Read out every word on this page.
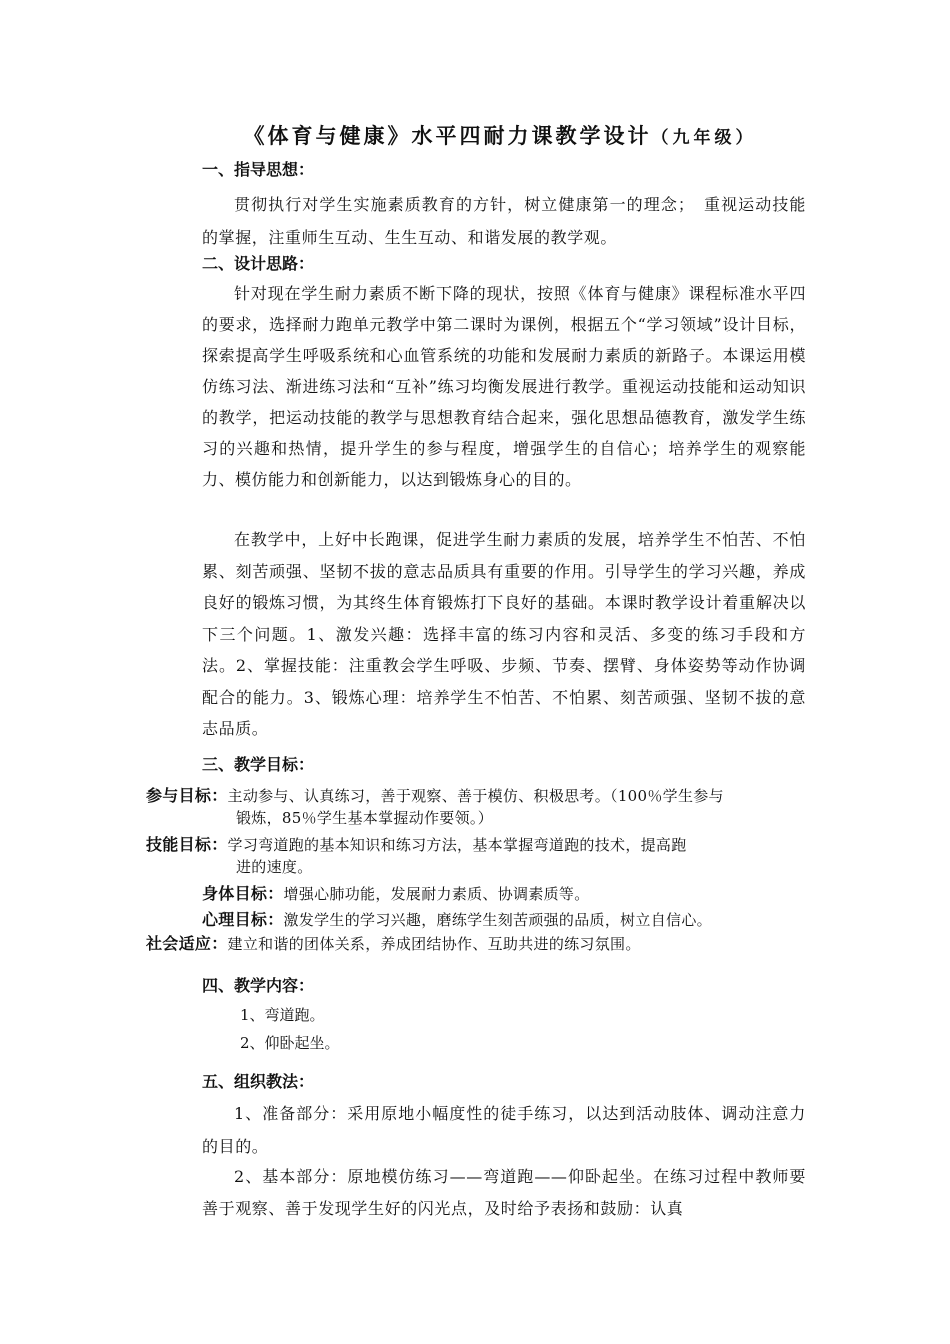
《体育与健康》水平四耐力课教学设计（九年级）
一、指导思想：

贯彻执行对学生实施素质教育的方针，树立健康第一的理念；　重视运动技能的掌握，注重师生互动、生生互动、和谐发展的教学观。

二、设计思路：

针对现在学生耐力素质不断下降的现状，按照《体育与健康》课程标准水平四的要求，选择耐力跑单元教学中第二课时为课例，根据五个“学习领域”设计目标，探索提高学生呼吸系统和心血管系统的功能和发展耐力素质的新路子。本课运用模仿练习法、渐进练习法和“互补”练习均衡发展进行教学。重视运动技能和运动知识的教学，把运动技能的教学与思想教育结合起来，强化思想品德教育，激发学生练习的兴趣和热情，提升学生的参与程度，增强学生的自信心；培养学生的观察能力、模仿能力和创新能力，以达到锻炼身心的目的。

在教学中，上好中长跑课，促进学生耐力素质的发展，培养学生不怕苦、不怕累、刻苦顽强、坚韧不拔的意志品质具有重要的作用。引导学生的学习兴趣，养成良好的锻炼习惯，为其终生体育锻炼打下良好的基础。本课时教学设计着重解决以下三个问题。1、激发兴趣：选择丰富的练习内容和灵活、多变的练习手段和方法。2、掌握技能：注重教会学生呼吸、步频、节奏、摆臂、身体姿势等动作协调配合的能力。3、锻炼心理：培养学生不怕苦、不怕累、刻苦顽强、坚韧不拔的意志品质。

三、教学目标：
参与目标：主动参与、认真练习，善于观察、善于模仿、积极思考。（100％学生参与
锻炼，85％学生基本掌握动作要领。）
技能目标：学习弯道跑的基本知识和练习方法，基本掌握弯道跑的技术，提高跑
进的速度。
身体目标：增强心肺功能，发展耐力素质、协调素质等。
心理目标：激发学生的学习兴趣，磨练学生刻苦顽强的品质，树立自信心。
社会适应：建立和谐的团体关系，养成团结协作、互助共进的练习氛围。
四、教学内容：
1、弯道跑。
2、仰卧起坐。
五、组织教法：

1、准备部分：采用原地小幅度性的徒手练习，以达到活动肢体、调动注意力的目的。

2、基本部分：原地模仿练习——弯道跑——仰卧起坐。在练习过程中教师要善于观察、善于发现学生好的闪光点，及时给予表扬和鼓励：认真
